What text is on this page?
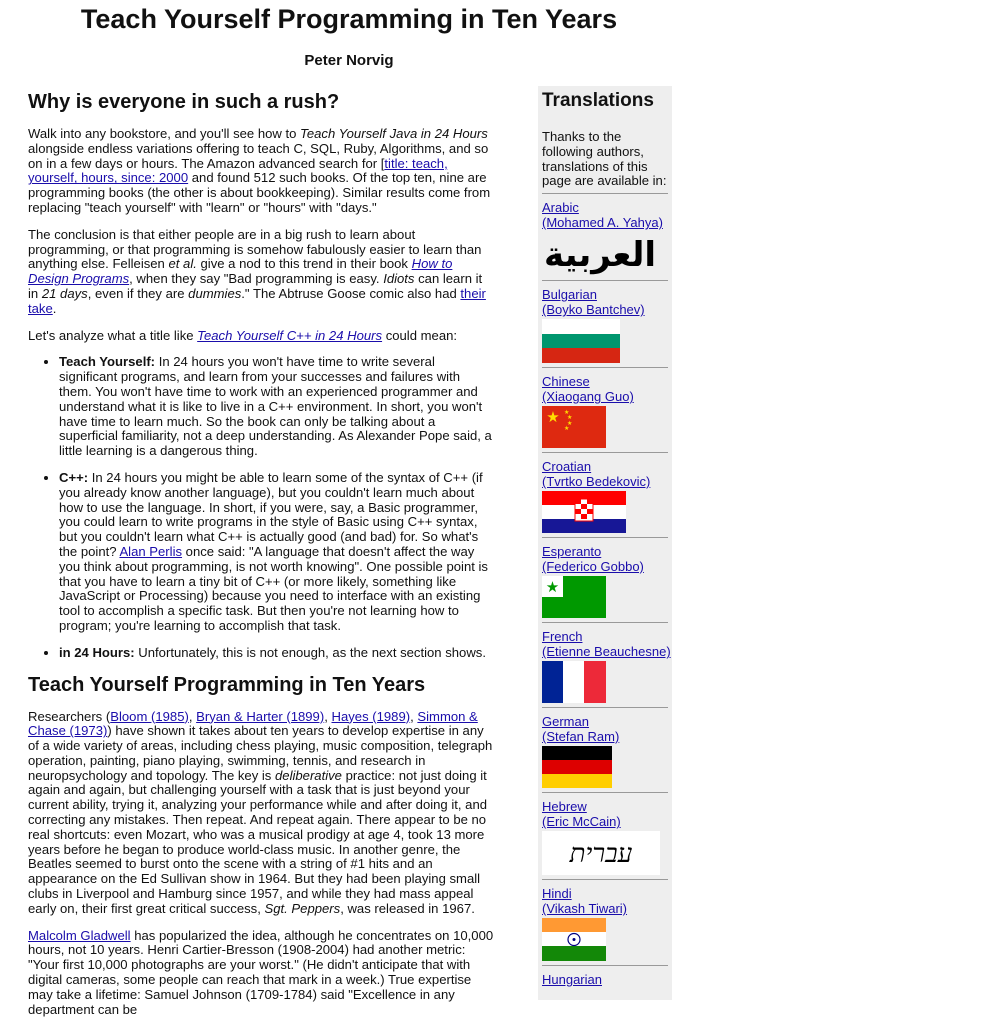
Teach Yourself Programming in Ten Years
Peter Norvig
Why is everyone in such a rush?

Walk into any bookstore, and you'll see how to Teach Yourself Java in 24 Hours alongside endless variations offering to teach C, SQL, Ruby, Algorithms, and so on in a few days or hours. The Amazon advanced search for [title: teach, yourself, hours, since: 2000 and found 512 such books. Of the top ten, nine are programming books (the other is about bookkeeping). Similar results come from replacing "teach yourself" with "learn" or "hours" with "days."

The conclusion is that either people are in a big rush to learn about programming, or that programming is somehow fabulously easier to learn than anything else. Felleisen et al. give a nod to this trend in their book How to Design Programs, when they say "Bad programming is easy. Idiots can learn it in 21 days, even if they are dummies." The Abtruse Goose comic also had their take.

Let's analyze what a title like Teach Yourself C++ in 24 Hours could mean:

• Teach Yourself: In 24 hours you won't have time to write several significant programs, and learn from your successes and failures with them. You won't have time to work with an experienced programmer and understand what it is like to live in a C++ environment. In short, you won't have time to learn much. So the book can only be talking about a superficial familiarity, not a deep understanding. As Alexander Pope said, a little learning is a dangerous thing.
• C++: In 24 hours you might be able to learn some of the syntax of C++ (if you already know another language), but you couldn't learn much about how to use the language. In short, if you were, say, a Basic programmer, you could learn to write programs in the style of Basic using C++ syntax, but you couldn't learn what C++ is actually good (and bad) for. So what's the point? Alan Perlis once said: "A language that doesn't affect the way you think about programming, is not worth knowing". One possible point is that you have to learn a tiny bit of C++ (or more likely, something like JavaScript or Processing) because you need to interface with an existing tool to accomplish a specific task. But then you're not learning how to program; you're learning to accomplish that task.
• in 24 Hours: Unfortunately, this is not enough, as the next section shows.
Teach Yourself Programming in Ten Years

Researchers (Bloom (1985), Bryan & Harter (1899), Hayes (1989), Simmon & Chase (1973)) have shown it takes about ten years to develop expertise in any of a wide variety of areas, including chess playing, music composition, telegraph operation, painting, piano playing, swimming, tennis, and research in neuropsychology and topology. The key is deliberative practice: not just doing it again and again, but challenging yourself with a task that is just beyond your current ability, trying it, analyzing your performance while and after doing it, and correcting any mistakes. Then repeat. And repeat again. There appear to be no real shortcuts: even Mozart, who was a musical prodigy at age 4, took 13 more years before he began to produce world-class music. In another genre, the Beatles seemed to burst onto the scene with a string of #1 hits and an appearance on the Ed Sullivan show in 1964. But they had been playing small clubs in Liverpool and Hamburg since 1957, and while they had mass appeal early on, their first great critical success, Sgt. Peppers, was released in 1967.

Malcolm Gladwell has popularized the idea, although he concentrates on 10,000 hours, not 10 years. Henri Cartier-Bresson (1908-2004) had another metric: "Your first 10,000 photographs are your worst." (He didn't anticipate that with digital cameras, some people can reach that mark in a week.) True expertise may take a lifetime: Samuel Johnson (1709-1784) said "Excellence in any department can be

Translations
Thanks to the following authors, translations of this page are available in:
Arabic
(Mohamed A. Yahya)
العربية
Bulgarian
(Boyko Bantchev)
Chinese
(Xiaogang Guo)
★ ★
★
★
★
Croatian
(Tvrtko Bedekovic)
Esperanto
(Federico Gobbo)
★
French
(Etienne Beauchesne)
German
(Stefan Ram)
Hebrew
(Eric McCain)
עברית
Hindi
(Vikash Tiwari)
Hungarian
